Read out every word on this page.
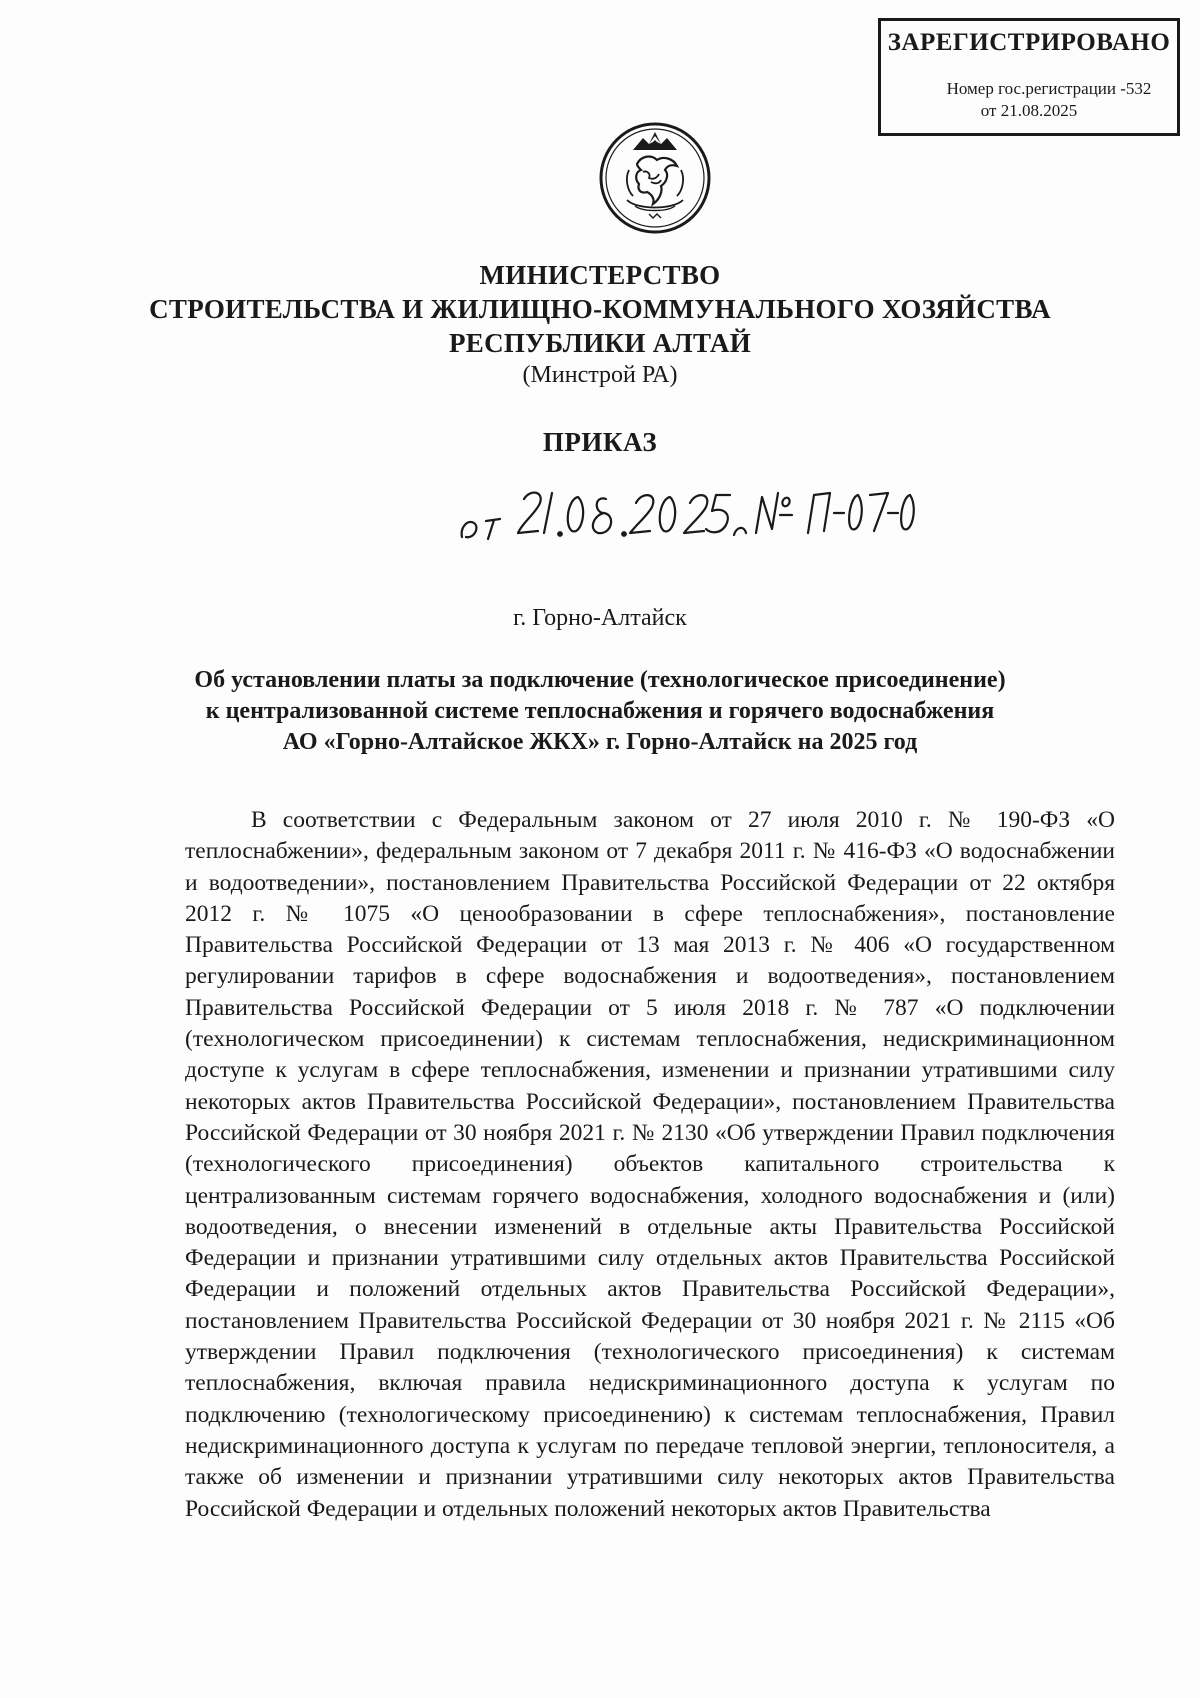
ЗАРЕГИСТРИРОВАНО
Номер гос.регистрации -532
от 21.08.2025
МИНИСТЕРСТВО
СТРОИТЕЛЬСТВА И ЖИЛИЩНО-КОММУНАЛЬНОГО ХОЗЯЙСТВА
РЕСПУБЛИКИ АЛТАЙ
(Минстрой РА)
ПРИКАЗ
г. Горно-Алтайск
Об установлении платы за подключение (технологическое присоединение)
к централизованной системе теплоснабжения и горячего водоснабжения
АО «Горно-Алтайское ЖКХ» г. Горно-Алтайск на 2025 год
В соответствии с Федеральным законом от 27 июля 2010 г. № 190-ФЗ «О теплоснабжении», федеральным законом от 7 декабря 2011 г. № 416-ФЗ «О водоснабжении и водоотведении», постановлением Правительства Российской Федерации от 22 октября 2012 г. № 1075 «О ценообразовании в сфере теплоснабжения», постановление Правительства Российской Федерации от 13 мая 2013 г. № 406 «О государственном регулировании тарифов в сфере водоснабжения и водоотведения», постановлением Правительства Российской Федерации от 5 июля 2018 г. № 787 «О подключении (технологическом присоединении) к системам теплоснабжения, недискриминационном доступе к услугам в сфере теплоснабжения, изменении и признании утратившими силу некоторых актов Правительства Российской Федерации», постановлением Правительства Российской Федерации от 30 ноября 2021 г. № 2130 «Об утверждении Правил подключения (технологического присоединения) объектов капитального строительства к централизованным системам горячего водоснабжения, холодного водоснабжения и (или) водоотведения, о внесении изменений в отдельные акты Правительства Российской Федерации и признании утратившими силу отдельных актов Правительства Российской Федерации и положений отдельных актов Правительства Российской Федерации», постановлением Правительства Российской Федерации от 30 ноября 2021 г. № 2115 «Об утверждении Правил подключения (технологического присоединения) к системам теплоснабжения, включая правила недискриминационного доступа к услугам по подключению (технологическому присоединению) к системам теплоснабжения, Правил недискриминационного доступа к услугам по передаче тепловой энергии, теплоносителя, а также об изменении и признании утратившими силу некоторых актов Правительства Российской Федерации и отдельных положений некоторых актов Правительства
